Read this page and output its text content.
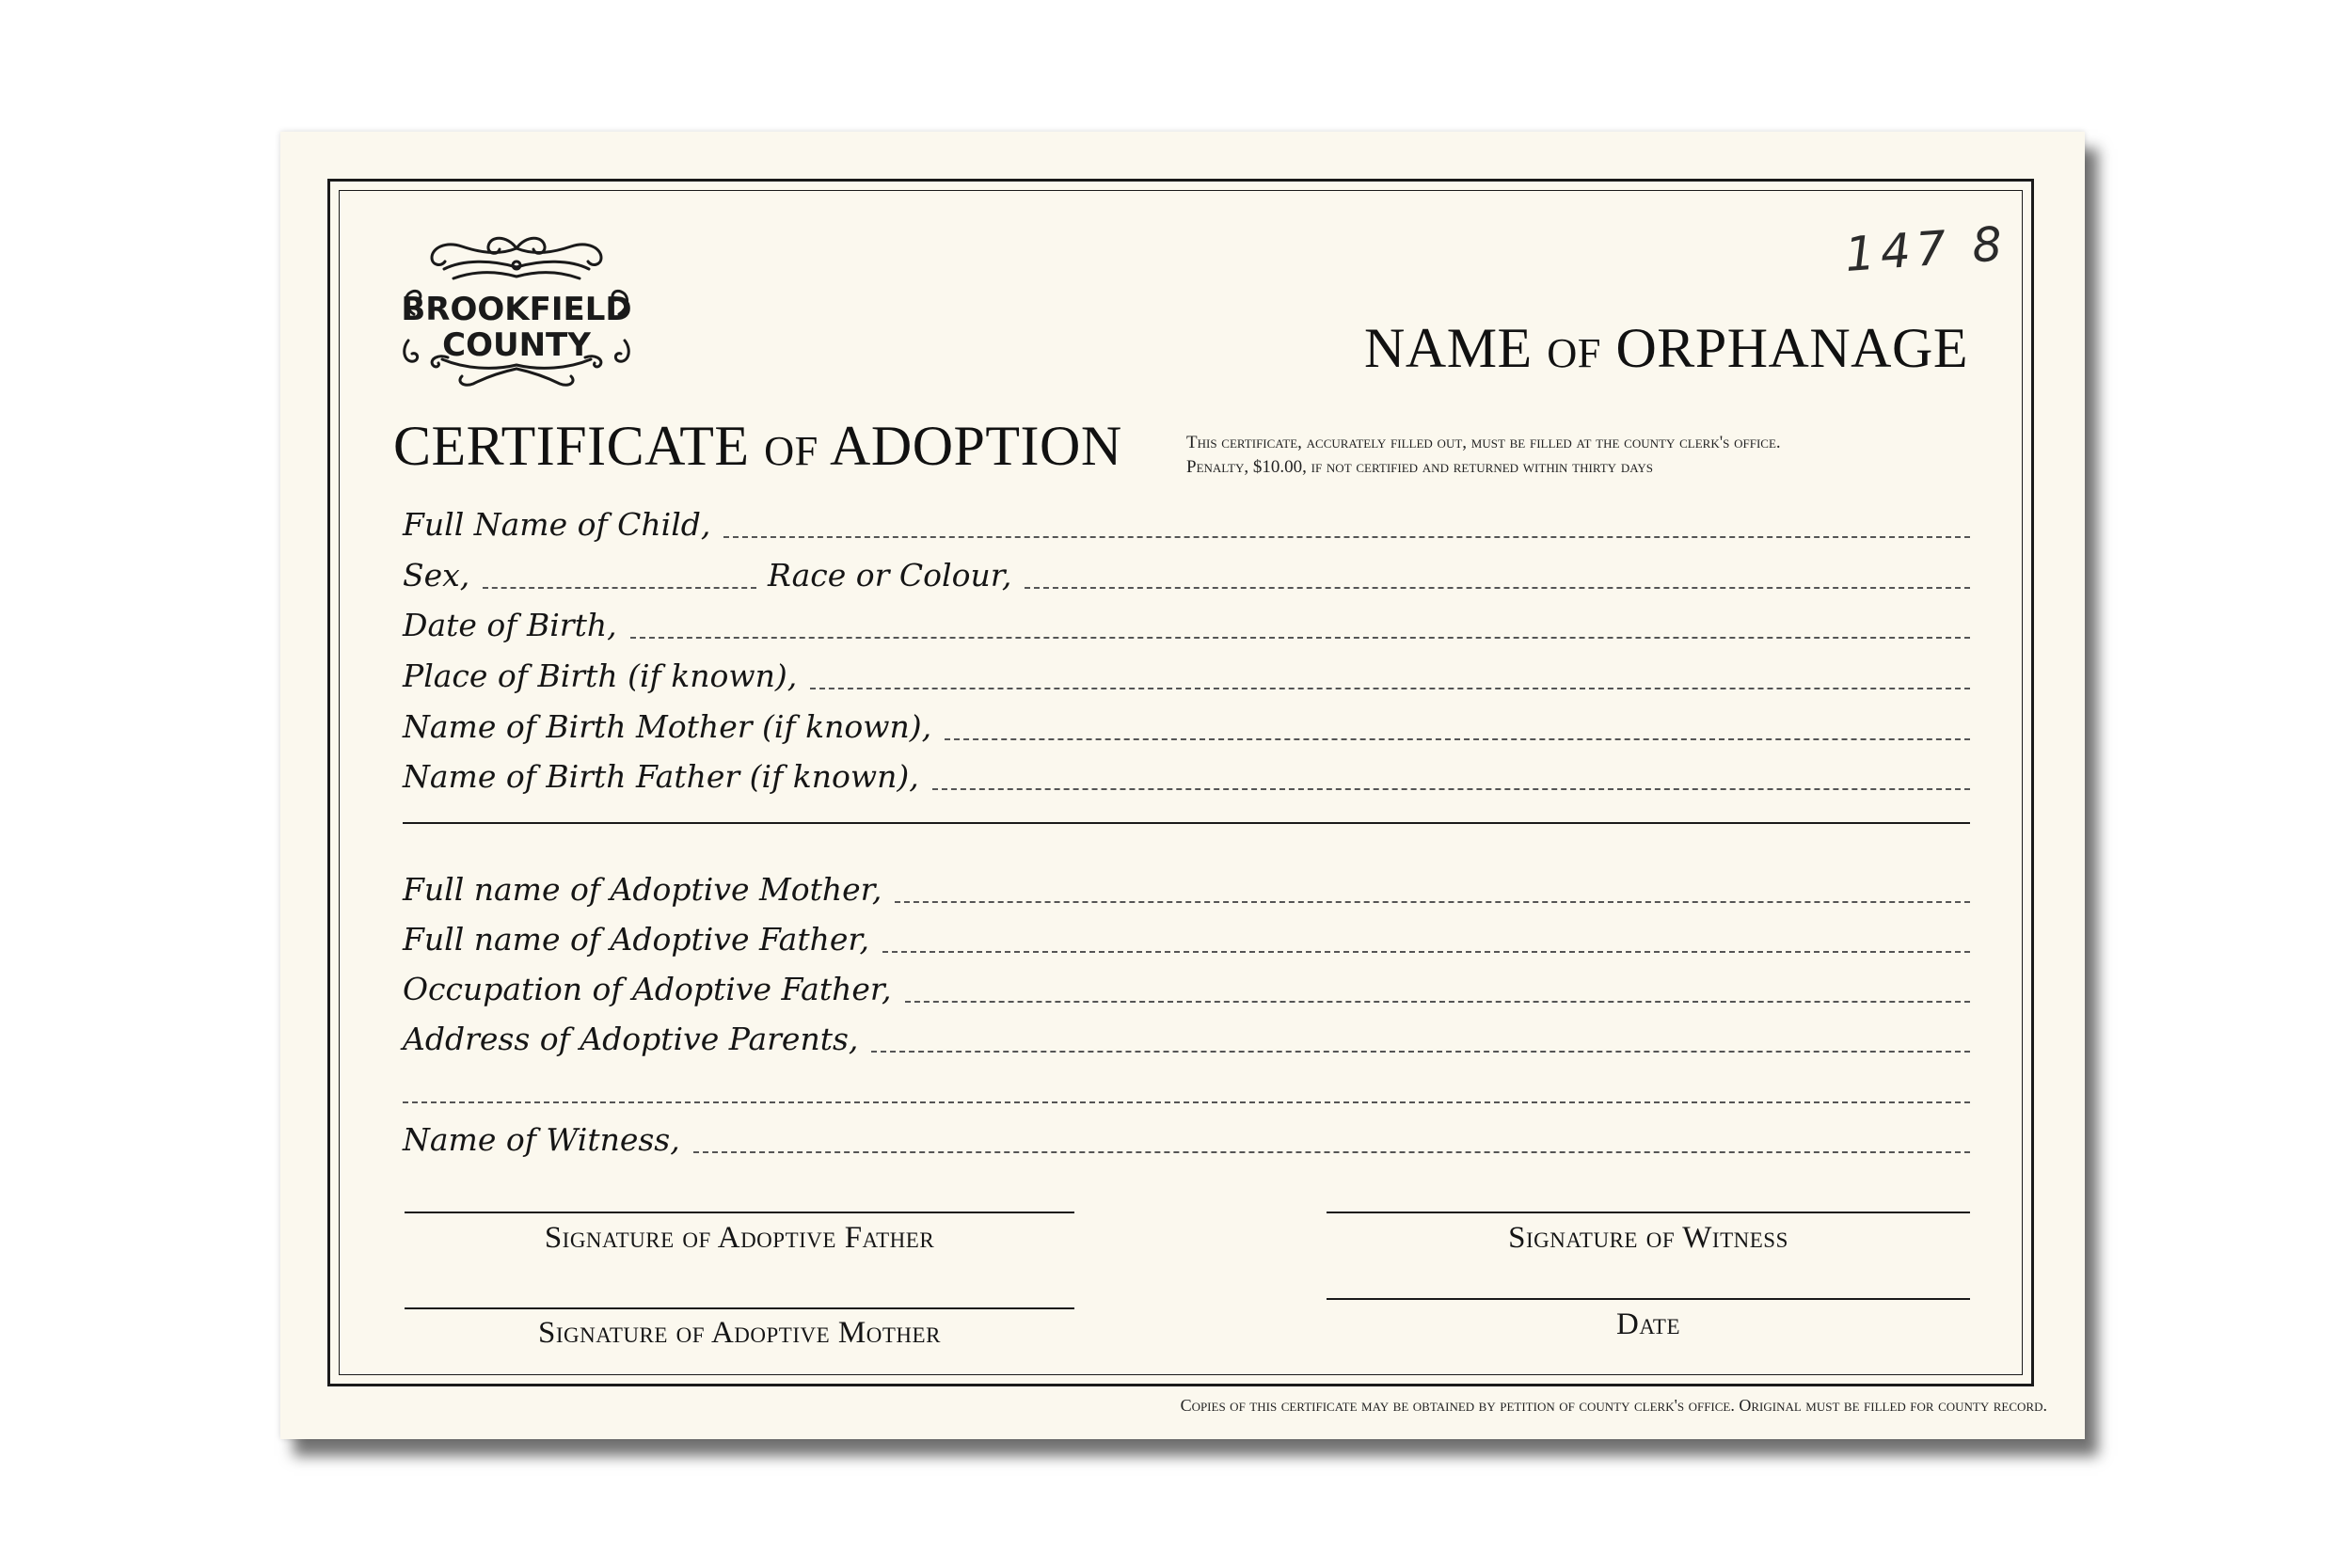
BROOKFIELD
COUNTY
147 8
NAME OF ORPHANAGE
CERTIFICATE OF ADOPTION	This certificate, accurately filled out, must be filled at the county clerk's office.
Penalty, $10.00, if not certified and returned within thirty days
Full Name of Child,
Sex,	Race or Colour,
Date of Birth,
Place of Birth (if known),
Name of Birth Mother (if known),
Name of Birth Father (if known),
Full name of Adoptive Mother,
Full name of Adoptive Father,
Occupation of Adoptive Father,
Address of Adoptive Parents,
Name of Witness,
Signature of Adoptive Father	Signature of Witness
Signature of Adoptive Mother	Date
Copies of this certificate may be obtained by petition of county clerk's office. Original must be filled for county record.
